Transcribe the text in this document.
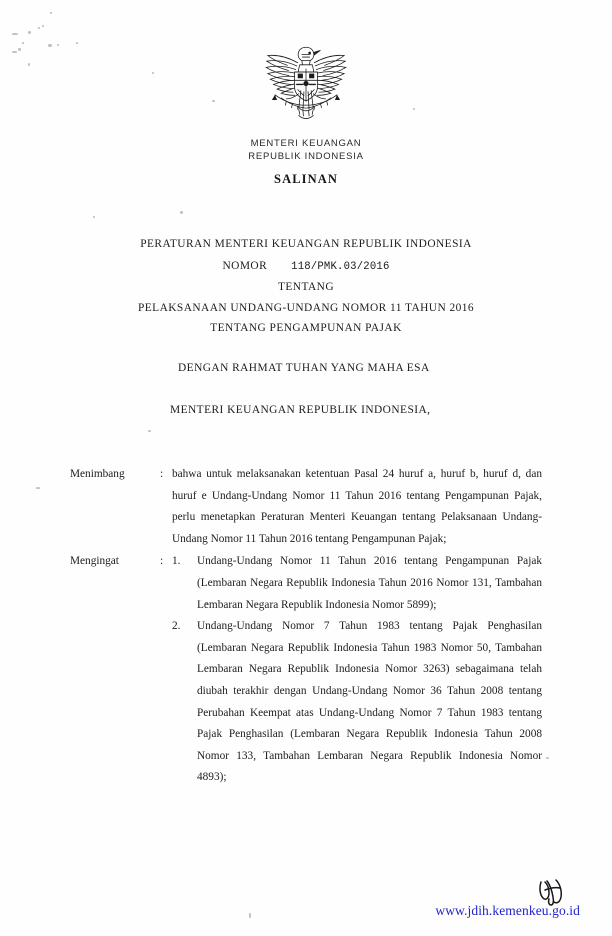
MENTERI KEUANGAN
REPUBLIK INDONESIA
SALINAN
PERATURAN MENTERI KEUANGAN REPUBLIK INDONESIA
NOMOR 118/PMK.03/2016
TENTANG
PELAKSANAAN UNDANG-UNDANG NOMOR 11 TAHUN 2016
TENTANG PENGAMPUNAN PAJAK
DENGAN RAHMAT TUHAN YANG MAHA ESA
MENTERI KEUANGAN REPUBLIK INDONESIA,
Menimbang	: bahwa untuk melaksanakan ketentuan Pasal 24 huruf a, huruf b, huruf d, dan huruf e Undang-Undang Nomor 11 Tahun 2016 tentang Pengampunan Pajak, perlu menetapkan Peraturan Menteri Keuangan tentang Pelaksanaan Undang-Undang Nomor 11 Tahun 2016 tentang Pengampunan Pajak;
Mengingat	: 1.	Undang-Undang Nomor 11 Tahun 2016 tentang Pengampunan Pajak (Lembaran Negara Republik Indonesia Tahun 2016 Nomor 131, Tambahan Lembaran Negara Republik Indonesia Nomor 5899);
2.	Undang-Undang Nomor 7 Tahun 1983 tentang Pajak Penghasilan (Lembaran Negara Republik Indonesia Tahun 1983 Nomor 50, Tambahan Lembaran Negara Republik Indonesia Nomor 3263) sebagaimana telah diubah terakhir dengan Undang-Undang Nomor 36 Tahun 2008 tentang Perubahan Keempat atas Undang-Undang Nomor 7 Tahun 1983 tentang Pajak Penghasilan (Lembaran Negara Republik Indonesia Tahun 2008 Nomor 133, Tambahan Lembaran Negara Republik Indonesia Nomor 4893);
www.jdih.kemenkeu.go.id
